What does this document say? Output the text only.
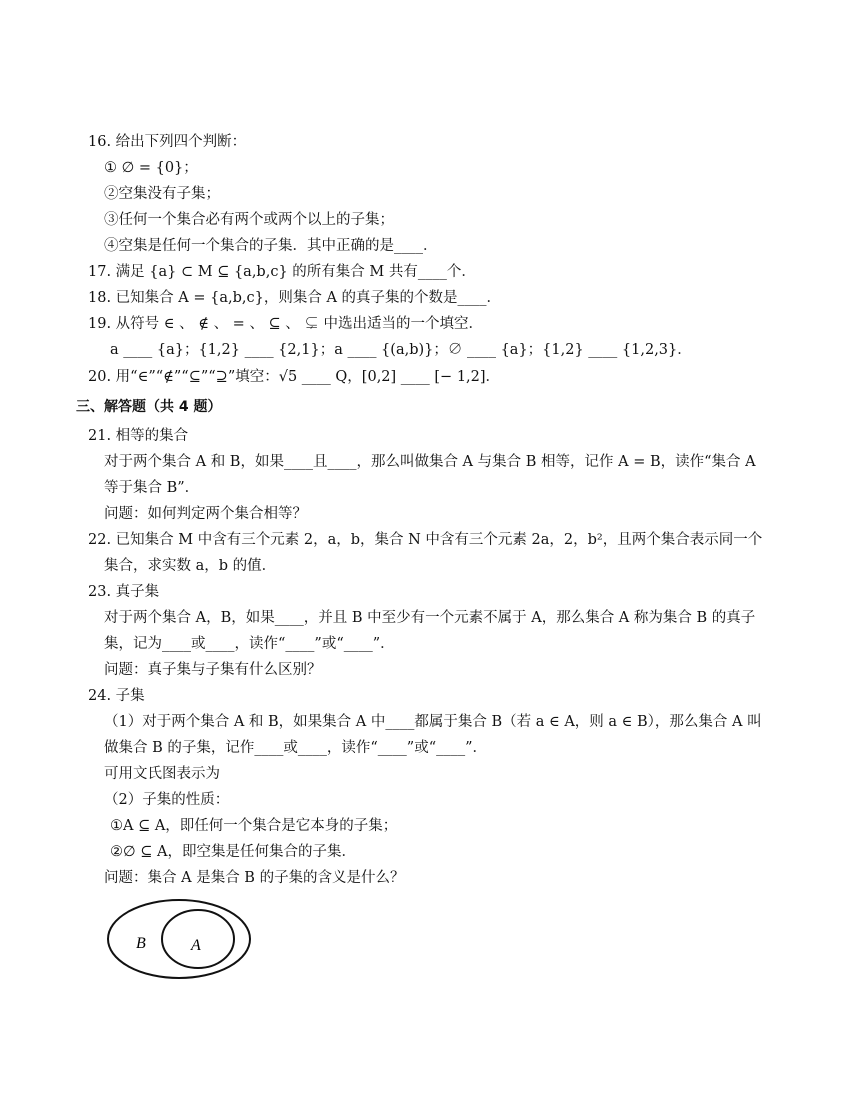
16. 给出下列四个判断：
① ∅ = {0}；
②空集没有子集；
③任何一个集合必有两个或两个以上的子集；
④空集是任何一个集合的子集．其中正确的是____．
17. 满足 {a} ⊂ M ⊆ {a,b,c} 的所有集合 M 共有____个．
18. 已知集合 A = {a,b,c}，则集合 A 的真子集的个数是____．
19. 从符号 ∈ 、 ∉ 、 = 、 ⊆ 、 ⊊ 中选出适当的一个填空．
a ____ {a}；{1,2} ____ {2,1}；a ____ {(a,b)}；∅ ____ {a}；{1,2} ____ {1,2,3}．
20. 用“∈”“∉”“⊆”“⊇”填空：√5 ____ Q，[0,2] ____ [− 1,2]．
三、解答题（共 4 题）
21. 相等的集合
对于两个集合 A 和 B，如果____且____，那么叫做集合 A 与集合 B 相等，记作 A = B，读作“集合 A
等于集合 B”．
问题：如何判定两个集合相等？
22. 已知集合 M 中含有三个元素 2，a，b，集合 N 中含有三个元素 2a，2，b²，且两个集合表示同一个
集合，求实数 a，b 的值．
23. 真子集
对于两个集合 A，B，如果____，并且 B 中至少有一个元素不属于 A，那么集合 A 称为集合 B 的真子
集，记为____或____，读作“____”或“____”．
问题：真子集与子集有什么区别？
24. 子集
（1）对于两个集合 A 和 B，如果集合 A 中____都属于集合 B（若 a ∈ A，则 a ∈ B），那么集合 A 叫
做集合 B 的子集，记作____或____，读作“____”或“____”．
可用文氏图表示为
（2）子集的性质：
①A ⊆ A，即任何一个集合是它本身的子集；
②∅ ⊆ A，即空集是任何集合的子集．
问题：集合 A 是集合 B 的子集的含义是什么？
B	A
